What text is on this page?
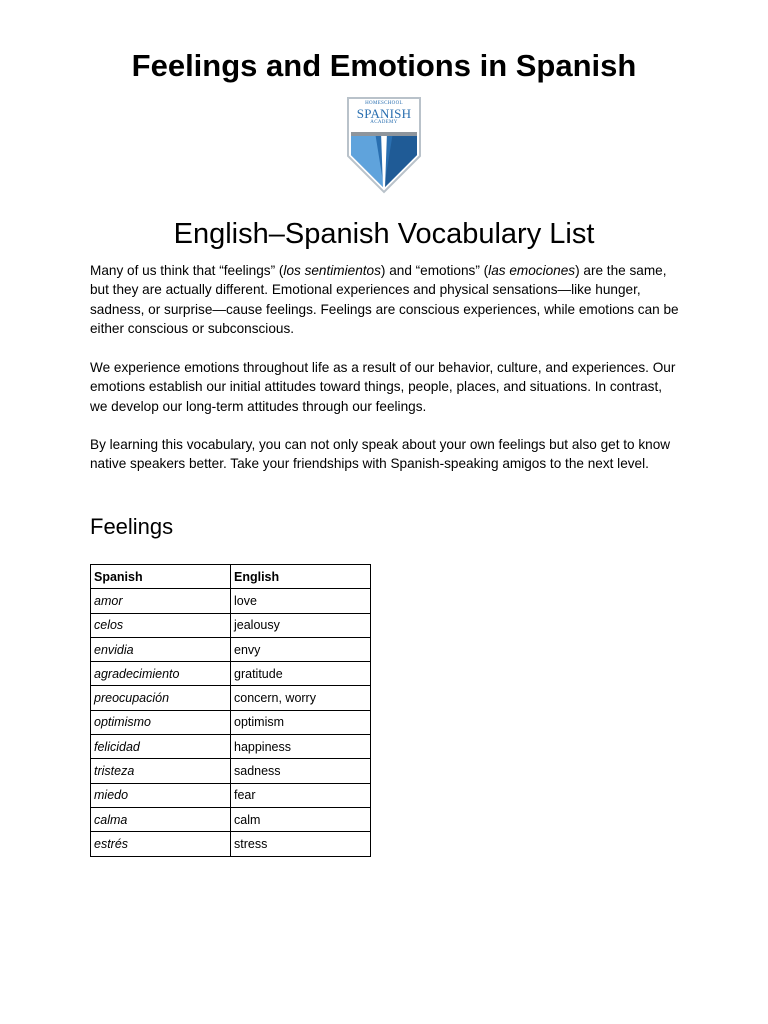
Feelings and Emotions in Spanish
HOMESCHOOL
SPANISH
ACADEMY
English–Spanish Vocabulary List

Many of us think that “feelings” (los sentimientos) and “emotions” (las emociones) are the same, but they are actually different. Emotional experiences and physical sensations—like hunger, sadness, or surprise—cause feelings. Feelings are conscious experiences, while emotions can be either conscious or subconscious.

We experience emotions throughout life as a result of our behavior, culture, and experiences. Our emotions establish our initial attitudes toward things, people, places, and situations. In contrast, we develop our long-term attitudes through our feelings.

By learning this vocabulary, you can not only speak about your own feelings but also get to know native speakers better. Take your friendships with Spanish-speaking amigos to the next level.

Feelings
Spanish	English
amor	love
celos	jealousy
envidia	envy
agradecimiento	gratitude
preocupación	concern, worry
optimismo	optimism
felicidad	happiness
tristeza	sadness
miedo	fear
calma	calm
estrés	stress
